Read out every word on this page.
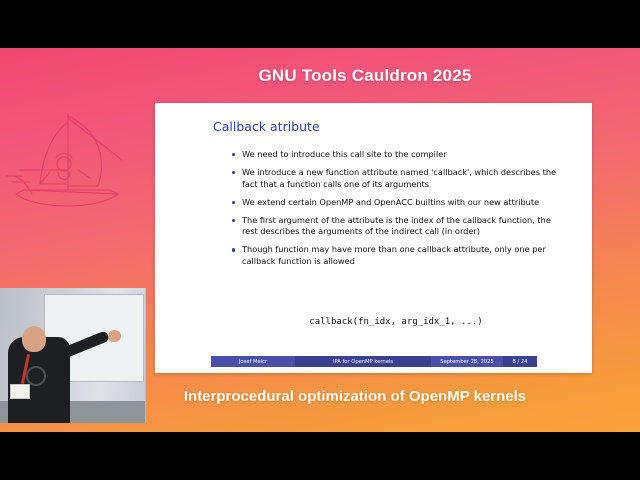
GNU Tools Cauldron 2025
Callback atribute
We need to introduce this call site to the compiler
We introduce a new function attribute named 'callback', which describes the fact that a function calls one of its arguments
We extend certain OpenMP and OpenACC builtins with our new attribute
The first argument of the attribute is the index of the callback function, the rest describes the arguments of the indirect call (in order)
Though function may have more than one callback attribute, only one per callback function is allowed
callback(fn_idx, arg_idx_1, ...)
Josef Melcr	IPA for OpenMP kernels	September 28, 2025	8 / 24
Interprocedural optimization of OpenMP kernels
